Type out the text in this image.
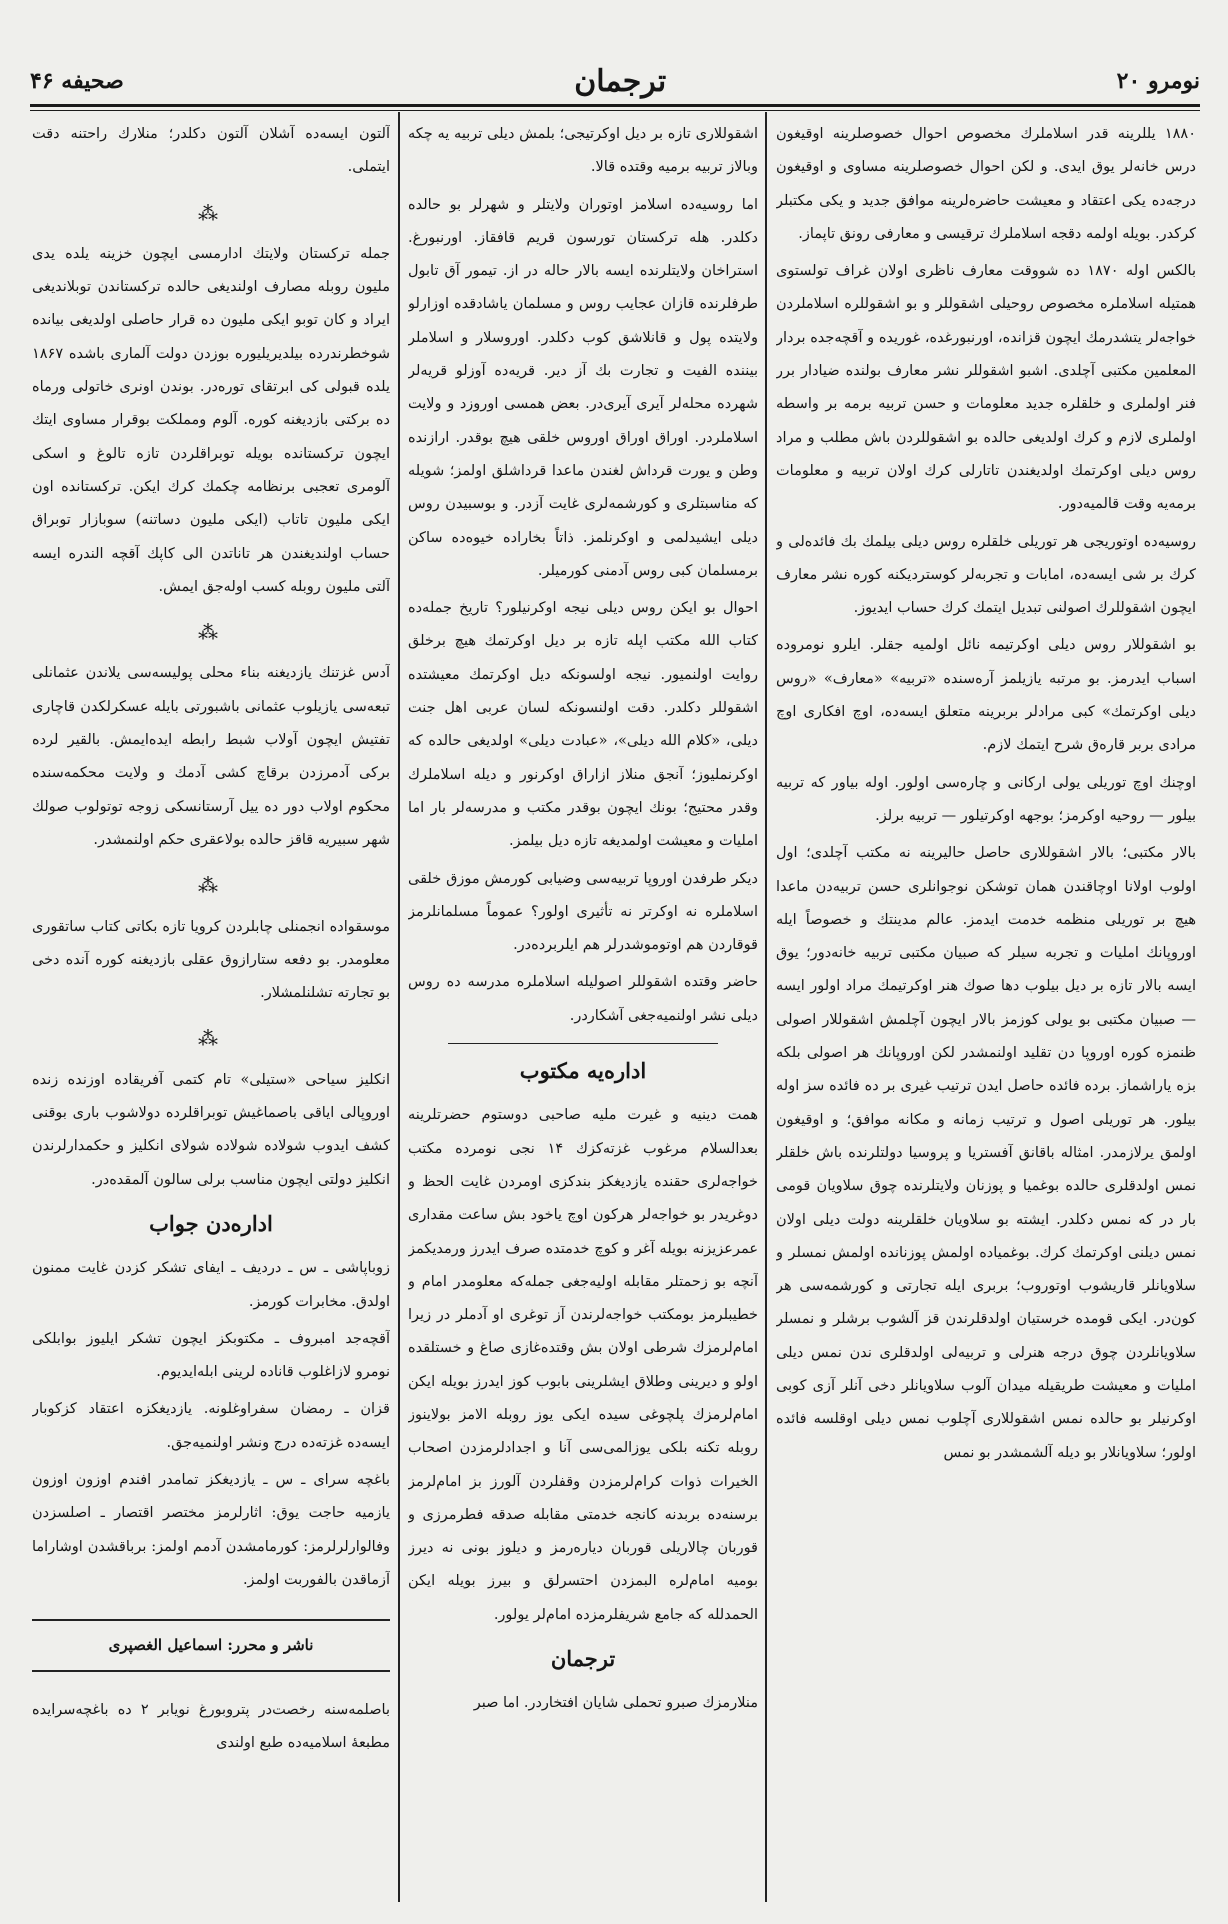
نومرو ۲۰
ترجمان
صحیفه ۴۶

۱۸۸۰ یللرینه قدر اسلاملرك مخصوص احوال خصوصلرینه اوقیغون درس خانه‌لر یوق ایدی. و لکن احوال خصوصلرینه مساوی و اوقیغون درجه‌ده یکی اعتقاد و معیشت حاضره‌لرینه موافق جدید و یکی مکتبلر کرکدر. بویله اولمه دقجه اسلاملرك ترقیسی و معارفی رونق تاپماز.

بالکس اوله ۱۸۷۰ ده شووقت معارف ناظری اولان غراف تولستوی همتیله اسلاملره مخصوص روحیلی اشقوللر و بو اشقوللره اسلاملردن خواجه‌لر یتشدرمك ایچون قزانده، اورنبورغده، غوریده و آقچه‌جده بردار المعلمین مکتبی آچلدی. اشبو اشقوللر نشر معارف بولنده ضیادار برر فنر اولملری و خلقلره جدید معلومات و حسن تربیه برمه بر واسطه اولملری لازم و کرك اولدیغی حالده بو اشقوللردن باش مطلب و مراد روس دیلی اوکرتمك اولدیغندن تاتارلی کرك اولان تربیه و معلومات برمه‌یه وقت قالمیه‌دور.

روسیه‌ده اوتوریجی هر توریلی خلقلره روس دیلی بیلمك بك فائده‌لی و کرك بر شی ایسه‌ده، امابات و تجربه‌لر کوستردیکنه کوره نشر معارف ایچون اشقوللرك اصولنی تبدیل ایتمك کرك حساب ایدیوز.

بو اشقوللار روس دیلی اوکرتیمه نائل اولمیه جقلر. ایلرو نومروده اسباب ایدرمز. بو مرتبه یازیلمز آره‌سنده «تربیه» «معارف» «روس دیلی اوکرتمك» کبی مرادلر بربرینه متعلق ایسه‌ده، اوچ افکاری اوچ مرادی بربر قاره‌ق شرح ایتمك لازم.

اوچنك اوچ توریلی یولی ارکانی و چاره‌سی اولور. اوله بیاور که تربیه بیلور — روحیه اوکرمز؛ بوجهه اوکرتیلور — تربیه برلز.

بالار مکتبی؛ بالار اشقوللاری حاصل حالیرینه نه مکتب آچلدی؛ اول اولوب اولانا اوچاقندن همان توشکن نوجوانلری حسن تربیه‌دن ماعدا هیچ بر توریلی منظمه خدمت ایدمز. عالم مدینتك و خصوصاً ایله اوروپانك املیات و تجربه سیلر که صبیان مکتبی تربیه خانه‌دور؛ یوق ایسه بالار تازه بر دیل بیلوب دها صوك هنر اوکرتیمك مراد اولور ایسه — صبیان مکتبی بو یولی کوزمز بالار ایچون آچلمش اشقوللار اصولی ظنمزه کوره اوروپا دن تقلید اولنمشدر لکن اوروپانك هر اصولی بلکه بزه یاراشماز. برده فائده حاصل ایدن ترتیب غیری بر ده فائده سز اوله بیلور. هر توریلی اصول و ترتیب زمانه و مکانه موافق؛ و اوقیغون اولمق یرلازمدر. امثاله باقانق آفستریا و پروسیا دولتلرنده باش خلقلر نمس اولدقلری حالده بوغمیا و پوزنان ولایتلرنده چوق سلاویان قومی بار در که نمس دکلدر. ایشته بو سلاویان خلقلرینه دولت دیلی اولان نمس دیلنی اوکرتمك کرك. بوغمیاده اولمش پوزنانده اولمش نمسلر و سلاویانلر قاریشوب اوتوروب؛ بربری ایله تجارتی و کورشمه‌سی هر کون‌در. ایکی قومده خرستیان اولدقلرندن قز آلشوب برشلر و نمسلر سلاویانلردن چوق درجه هنرلی و تربیه‌لی اولدقلری ندن نمس دیلی املیات و معیشت طریقیله میدان آلوب سلاویانلر دخی آنلر آزی کوبی اوکرنیلر بو حالده نمس اشقوللاری آچلوب نمس دیلی اوقلسه فائده اولور؛ سلاویانلار بو دیله آلشمشدر بو نمس

اشقوللاری تازه بر دیل اوکرتیجی؛ بلمش دیلی تربیه یه چکه وبالاز تربیه برمیه وقتده قالا.

اما روسیه‌ده اسلامز اوتوران ولایتلر و شهرلر بو حالده دکلدر. هله ترکستان تورسون قریم قافقاز. اورنبورغ. استراخان ولایتلرنده ایسه بالار حاله در از. تیمور آق تابول طرفلرنده قازان عجایب روس و مسلمان یاشادقده اوزارلو ولایتده پول و قانلاشق کوب دکلدر. اوروسلار و اسلاملر بیننده الفیت و تجارت بك آز دیر. قریه‌ده آوزلو قریه‌لر شهرده محله‌لر آیری آیری‌در. بعض همسی اوروزد و ولایت اسلاملردر. اوراق اوراق اوروس خلقی هیچ بوقدر. ارازنده وطن و یورت قرداش لغندن ماعدا قرداشلق اولمز؛ شویله که مناسبتلری و کورشمه‌لری غایت آزدر. و بوسبیدن روس دیلی ایشیدلمی و اوکرنلمز. ذاتاً بخاراده خیوه‌ده ساکن برمسلمان کبی روس آدمنی کورمیلر.

احوال بو ایکن روس دیلی نیجه اوکرنیلور؟ تاریخ جمله‌ده کتاب الله مکتب اپله تازه بر دیل اوکرتمك هیچ برخلق روایت اولنمیور. نیجه اولسونکه دیل اوکرتمك معیشتده اشقوللر دکلدر. دقت اولنسونکه لسان عربی اهل جنت دیلی، «کلام الله دیلی»، «عبادت دیلی» اولدیغی حالده که اوکرنملیوز؛ آنجق منلاز ازاراق اوکرنور و دیله اسلاملرك وقدر محتیج؛ بونك ایچون بوقدر مکتب و مدرسه‌لر بار اما املیات و معیشت اولمدیغه تازه دیل بیلمز.

دیکر طرفدن اوروپا تربیه‌سی وضیابی کورمش موزق خلقی اسلاملره نه اوکرتر نه تأثیری اولور؟ عموماً مسلمانلرمز قوقاردن هم اوتوموشدرلر هم ایلربرده‌در.

حاضر وقتده اشقوللر اصولیله اسلاملره مدرسه ده روس دیلی نشر اولنمیه‌جغی آشکاردر.

اداره‌یه مکتوب

همت دینیه و غیرت ملیه صاحبی دوستوم حضرتلرینه بعدالسلام مرغوب غزته‌کزك ۱۴ نجی نومرده مکتب خواجه‌لری حقنده یازدیغکز بندکزی اومردن غایت الحظ و دوغریدر بو خواجه‌لر هرکون اوچ یاخود بش ساعت مقداری عمرعزیزنه بویله آغر و کوچ خدمتده صرف ایدرز ورمدیکمز آنچه بو زحمتلر مقابله اولیه‌جغی جمله‌که معلومدر امام و خطیبلرمز بومکتب خواجه‌لرندن آز توغری او آدملر در زیرا امام‌لرمزك شرطی اولان بش وقتده‌غازی صاغ و خستلقده اولو و دیرینی وطلاق ایشلرینی بابوب کوز ایدرز بویله ایکن امام‌لرمزك پلچوغی سیده ایکی یوز روبله الامز بولاینوز روبله تکنه بلکی یوزالمی‌سی آنا و اجدادلرمزدن اصحاب الخیرات ذوات کرام‌لرمزدن وقفلردن آلورز بز امام‌لرمز برسنه‌ده بربدنه کانجه خدمتی مقابله صدقه فطرمرزی و قوربان چالاریلی قوربان دیاره‌رمز و دیلوز بونی نه دیرز بومیه امام‌لره البمزدن احتسرلق و بیرز بویله ایکن الحمدلله که جامع شریفلرمزده امام‌لر یولور.

ترجمان

منلارمزك صبرو تحملی شایان افتخاردر. اما صبر

آلتون ایسه‌ده آشلان آلتون دکلدر؛ منلارك راحتنه دقت ایتملی.

⁂

جمله ترکستان ولایتك ادارمسی ایچون خزینه یلده یدی ملیون روبله مصارف اولندیغی حالده ترکستاندن توبلاندیغی ایراد و کان توبو ایکی ملیون ده قرار حاصلی اولدیغی بیانده شوخطرندرده بیلدیریلیوره بوزدن دولت آلماری باشده ۱۸۶۷ یلده قبولی کی ابرتقای توره‌در. بوندن اونری خاتولی ورماه ده برکتی بازدیغنه کوره. آلوم ومملکت بوقرار مساوی ایتك ایچون ترکستانده بویله توبراقلردن تازه تالوغ و اسکی آلومری تعجبی برنظامه چکمك کرك ایکن. ترکستانده اون ایکی ملیون تاتاب (ایکی ملیون دساتنه) سوبازار توبراق حساب اولندیغندن هر تاناتدن الی کاپك آقچه الندره ایسه آلتی ملیون روبله کسب اوله‌جق ایمش.

⁂

آدس غزتنك یازدیغنه بناء محلی پولیسه‌سی یلاندن عثمانلی تبعه‌سی یازیلوب عثمانی باشبورتی بایله عسکرلکدن قاچاری تفتیش ایچون آولاب شبط رابطه ایده‌ایمش. بالقیر لرده برکی آدمرزدن برقاچ کشی آدمك و ولایت محکمه‌سنده محکوم اولاب دور ده ییل آرستانسکی زوجه توتولوب صولك شهر سبیریه قاقز حالده بولاعقری حکم اولنمشدر.

⁂

موسقواده انجمنلی چابلردن کرویا تازه بکاتی کتاب ساتقوری معلومدر. بو دفعه ستارازوق عقلی بازدیغنه کوره آنده دخی بو تجارته تشلنلمشلار.

⁂

انکلیز سیاحی «ستیلی» تام کتمی آفریقاده اوزنده زنده اوروپالی ایاقی باصماغیش توبراقلرده دولاشوب باری بوقنی کشف ایدوب شولاده شولاده شولای انکلیز و حکمدارلرندن انکلیز دولتی ایچون مناسب برلی سالون آلمقده‌در.

اداره‌دن جواب

زوباپاشی ـ س ـ دردیف ـ ایفای تشکر کزدن غایت ممنون اولدق. مخابرات کورمز.

آقچه‌جد امبروف ـ مکتوبکز ایچون تشکر ایلیوز بوابلکی نومرو لازاغلوب قاناده لرینی ابله‌ایدیوم.

قزان ـ رمضان سفراوغلونه. یازدیغکزه اعتقاد کزکوبار ایسه‌ده غزته‌ده درج ونشر اولنمیه‌جق.

باغچه سرای ـ س ـ یازدیغکز تمامدر افندم اوزون اوزون یازمیه حاجت یوق: اثارلرمز مختصر اقتصار ـ اصلسزدن وفالوارلرلرمز: کورمامشدن آدمم اولمز: برباقشدن اوشاراما آزماقدن بالفوربت اولمز.

ناشر و محرر: اسماعیل الغصپری

باصلمه‌سنه رخصت‌در پتروبورغ نویابر ۲ ده باغچه‌سرایده مطبعهٔ اسلامیه‌ده طبع اولندی
